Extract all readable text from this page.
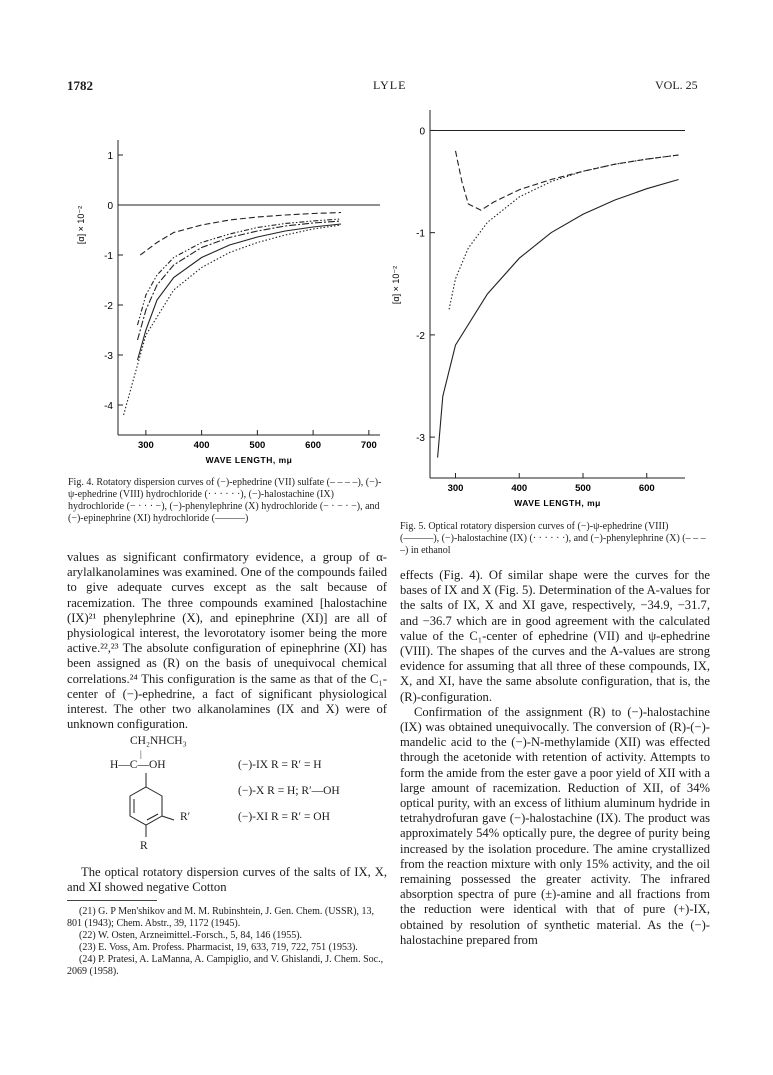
1782	LYLE	VOL. 25
1
0
-1
-2
-3
-4
300	400	500	600	700
WAVE LENGTH, mμ
[α] × 10⁻²
Fig. 4. Rotatory dispersion curves of (−)-ephedrine (VII) sulfate (– – – –), (−)-ψ-ephedrine (VIII) hydrochloride (· · · · · ·), (−)-halostachine (IX) hydrochloride (− · · · −), (−)-phenylephrine (X) hydrochloride (− · − · −), and (−)-epinephrine (XI) hydrochloride (———)
0
-1
-2
-3
300	400	500	600
WAVE LENGTH, mμ
[α] × 10⁻²
Fig. 5. Optical rotatory dispersion curves of (−)-ψ-ephedrine (VIII) (———), (−)-halostachine (IX) (· · · · · ·), and (−)-phenylephrine (X) (– – – –) in ethanol

values as significant confirmatory evidence, a group of α-arylalkanolamines was examined. One of the compounds failed to give adequate curves except as the salt because of racemization. The three compounds examined [halostachine (IX)²¹ phenylephrine (X), and epinephrine (XI)] are all of physiological interest, the levorotatory isomer being the more active.²²,²³ The absolute configuration of epinephrine (XI) has been assigned as (R) on the basis of unequivocal chemical correlations.²⁴ This configuration is the same as that of the C₁-center of (−)-ephedrine, a fact of significant physiological interest. The other two alkanolamines (IX and X) were of unknown configuration.

CH₂NHCH₃
H—C—OH
R′
R
(−)-IX R = R′ = H
(−)-X R = H; R′—OH
(−)-XI R = R′ = OH
|

The optical rotatory dispersion curves of the salts of IX, X, and XI showed negative Cotton

(21) G. P Men'shikov and M. M. Rubinshtein, J. Gen. Chem. (USSR), 13, 801 (1943); Chem. Abstr., 39, 1172 (1945).

(22) W. Osten, Arzneimittel.-Forsch., 5, 84, 146 (1955).

(23) E. Voss, Am. Profess. Pharmacist, 19, 633, 719, 722, 751 (1953).

(24) P. Pratesi, A. LaManna, A. Campiglio, and V. Ghislandi, J. Chem. Soc., 2069 (1958).

effects (Fig. 4). Of similar shape were the curves for the bases of IX and X (Fig. 5). Determination of the A-values for the salts of IX, X and XI gave, respectively, −34.9, −31.7, and −36.7 which are in good agreement with the calculated value of the C₁-center of ephedrine (VII) and ψ-ephedrine (VIII). The shapes of the curves and the A-values are strong evidence for assuming that all three of these compounds, IX, X, and XI, have the same absolute configuration, that is, the (R)-configuration.

Confirmation of the assignment (R) to (−)-halostachine (IX) was obtained unequivocally. The conversion of (R)-(−)-mandelic acid to the (−)-N-methylamide (XII) was effected through the acetonide with retention of activity. Attempts to form the amide from the ester gave a poor yield of XII with a large amount of racemization. Reduction of XII, of 34% optical purity, with an excess of lithium aluminum hydride in tetrahydrofuran gave (−)-halostachine (IX). The product was approximately 54% optically pure, the degree of purity being increased by the isolation procedure. The amine crystallized from the reaction mixture with only 15% activity, and the oil remaining possessed the greater activity. The infrared absorption spectra of pure (±)-amine and all fractions from the reduction were identical with that of pure (+)-IX, obtained by resolution of synthetic material. As the (−)-halostachine prepared from
